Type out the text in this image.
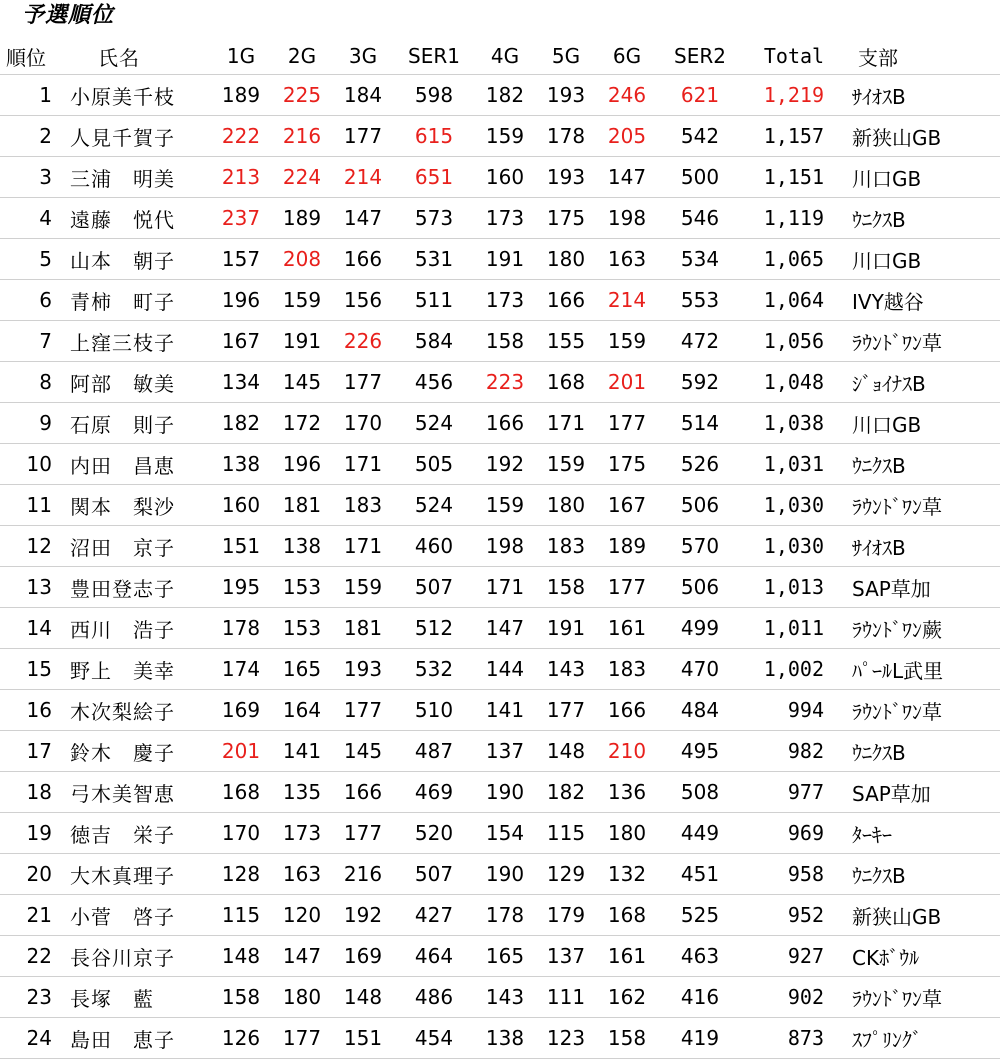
予選順位
順位	氏名	1G	2G	3G	SER1	4G	5G	6G	SER2	Total	支部
1	小原美千枝	189	225	184	598	182	193	246	621	1,219	ｻｲｵｽB
2	人見千賀子	222	216	177	615	159	178	205	542	1,157	新狭山GB
3	三浦　明美	213	224	214	651	160	193	147	500	1,151	川口GB
4	遠藤　悦代	237	189	147	573	173	175	198	546	1,119	ｳﾆｸｽB
5	山本　朝子	157	208	166	531	191	180	163	534	1,065	川口GB
6	青柿　町子	196	159	156	511	173	166	214	553	1,064	IVY越谷
7	上窪三枝子	167	191	226	584	158	155	159	472	1,056	ﾗｳﾝﾄﾞﾜﾝ草
8	阿部　敏美	134	145	177	456	223	168	201	592	1,048	ｼﾞｮｲﾅｽB
9	石原　則子	182	172	170	524	166	171	177	514	1,038	川口GB
10	内田　昌恵	138	196	171	505	192	159	175	526	1,031	ｳﾆｸｽB
11	関本　梨沙	160	181	183	524	159	180	167	506	1,030	ﾗｳﾝﾄﾞﾜﾝ草
12	沼田　京子	151	138	171	460	198	183	189	570	1,030	ｻｲｵｽB
13	豊田登志子	195	153	159	507	171	158	177	506	1,013	SAP草加
14	西川　浩子	178	153	181	512	147	191	161	499	1,011	ﾗｳﾝﾄﾞﾜﾝ蕨
15	野上　美幸	174	165	193	532	144	143	183	470	1,002	ﾊﾟｰﾙL武里
16	木次梨絵子	169	164	177	510	141	177	166	484	994	ﾗｳﾝﾄﾞﾜﾝ草
17	鈴木　慶子	201	141	145	487	137	148	210	495	982	ｳﾆｸｽB
18	弓木美智恵	168	135	166	469	190	182	136	508	977	SAP草加
19	徳吉　栄子	170	173	177	520	154	115	180	449	969	ﾀｰｷｰ
20	大木真理子	128	163	216	507	190	129	132	451	958	ｳﾆｸｽB
21	小菅　啓子	115	120	192	427	178	179	168	525	952	新狭山GB
22	長谷川京子	148	147	169	464	165	137	161	463	927	CKﾎﾞｳﾙ
23	長塚　藍	158	180	148	486	143	111	162	416	902	ﾗｳﾝﾄﾞﾜﾝ草
24	島田　恵子	126	177	151	454	138	123	158	419	873	ｽﾌﾟﾘﾝｸﾞ
